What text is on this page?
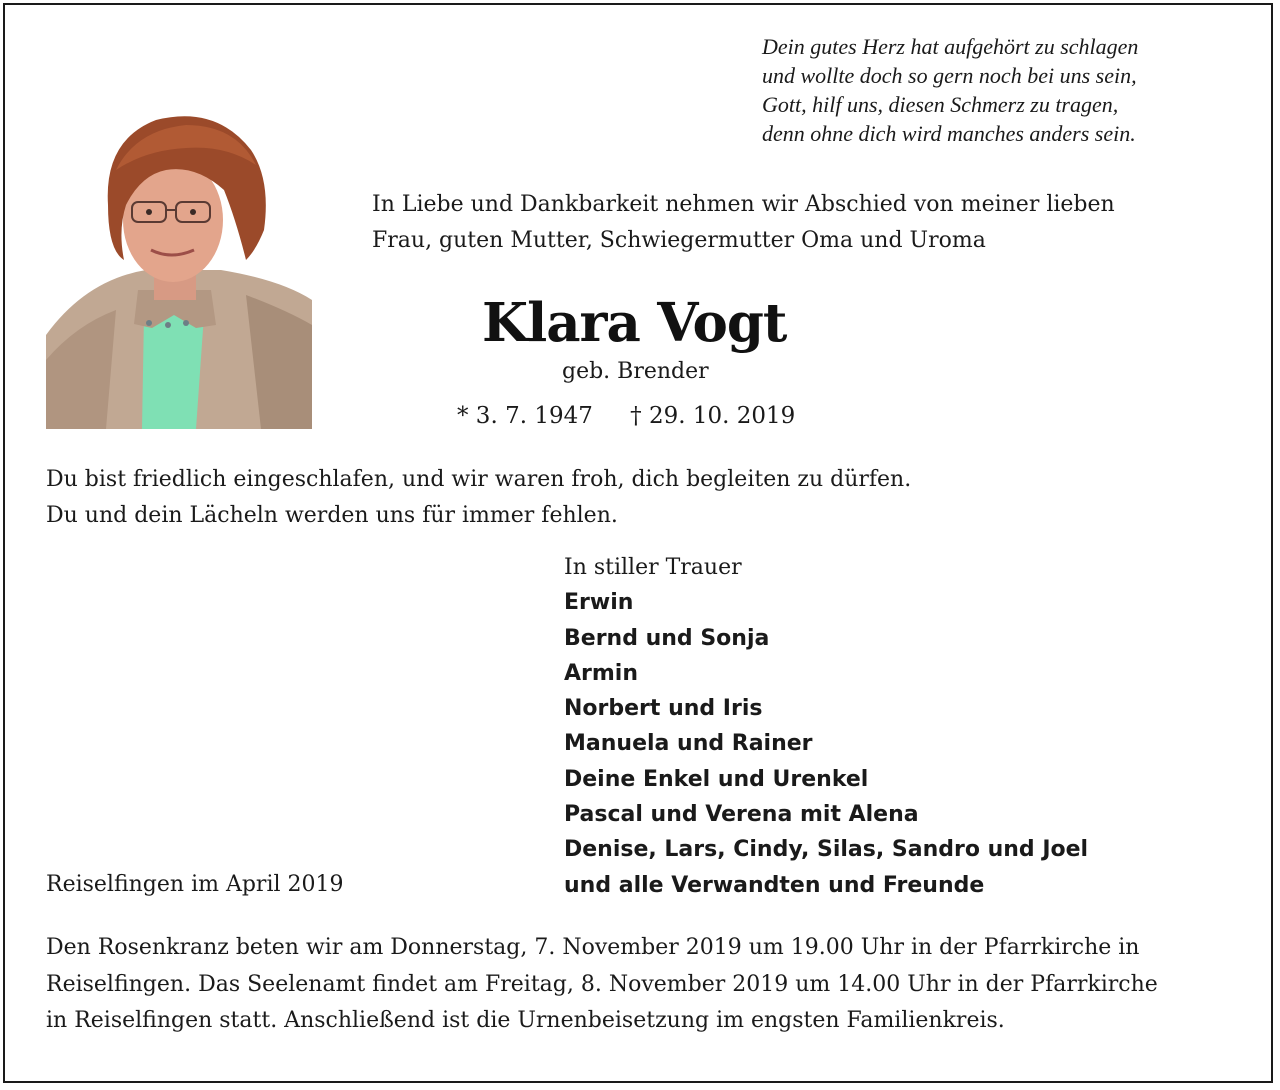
Dein gutes Herz hat aufgehört zu schlagen
und wollte doch so gern noch bei uns sein,
Gott, hilf uns, diesen Schmerz zu tragen,
denn ohne dich wird manches anders sein.
In Liebe und Dankbarkeit nehmen wir Abschied von meiner lieben
Frau, guten Mutter, Schwiegermutter Oma und Uroma
Klara Vogt
geb. Brender
* 3. 7. 1947 † 29. 10. 2019
Du bist friedlich eingeschlafen, und wir waren froh, dich begleiten zu dürfen.
Du und dein Lächeln werden uns für immer fehlen.
In stiller Trauer
Erwin
Bernd und Sonja
Armin
Norbert und Iris
Manuela und Rainer
Deine Enkel und Urenkel
Pascal und Verena mit Alena
Denise, Lars, Cindy, Silas, Sandro und Joel
und alle Verwandten und Freunde
Reiselfingen im April 2019
Den Rosenkranz beten wir am Donnerstag, 7. November 2019 um 19.00 Uhr in der Pfarrkirche in
Reiselfingen. Das Seelenamt findet am Freitag, 8. November 2019 um 14.00 Uhr in der Pfarrkirche
in Reiselfingen statt. Anschließend ist die Urnenbeisetzung im engsten Familienkreis.
